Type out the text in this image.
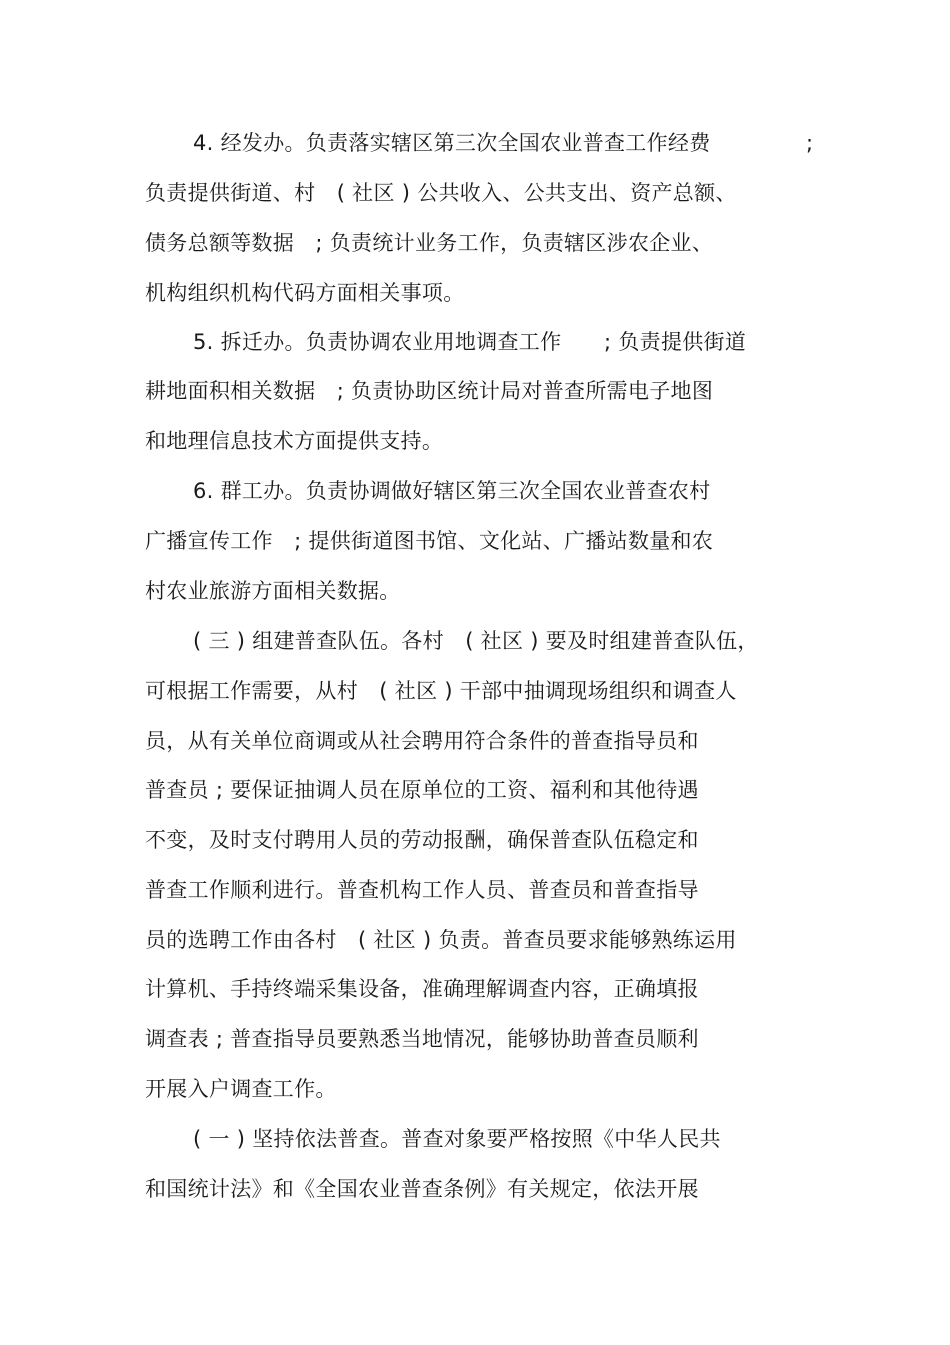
4. 经发办。负责落实辖区第三次全国农业普查工作经费	;
负责提供街道、村　( 社区 ) 公共收入、公共支出、资产总额、
债务总额等数据　; 负责统计业务工作，负责辖区涉农企业、
机构组织机构代码方面相关事项。
5. 拆迁办。负责协调农业用地调查工作　　; 负责提供街道
耕地面积相关数据　; 负责协助区统计局对普查所需电子地图
和地理信息技术方面提供支持。
6. 群工办。负责协调做好辖区第三次全国农业普查农村
广播宣传工作　; 提供街道图书馆、文化站、广播站数量和农
村农业旅游方面相关数据。
( 三 ) 组建普查队伍。各村　( 社区 ) 要及时组建普查队伍，
可根据工作需要，从村　( 社区 ) 干部中抽调现场组织和调查人
员，从有关单位商调或从社会聘用符合条件的普查指导员和
普查员 ; 要保证抽调人员在原单位的工资、福利和其他待遇
不变，及时支付聘用人员的劳动报酬，确保普查队伍稳定和
普查工作顺利进行。普查机构工作人员、普查员和普查指导
员的选聘工作由各村　( 社区 ) 负责。普查员要求能够熟练运用
计算机、手持终端采集设备，准确理解调查内容，正确填报
调查表 ; 普查指导员要熟悉当地情况，能够协助普查员顺利
开展入户调查工作。
( 一 ) 坚持依法普查。普查对象要严格按照《中华人民共
和国统计法》和《全国农业普查条例》有关规定，依法开展
